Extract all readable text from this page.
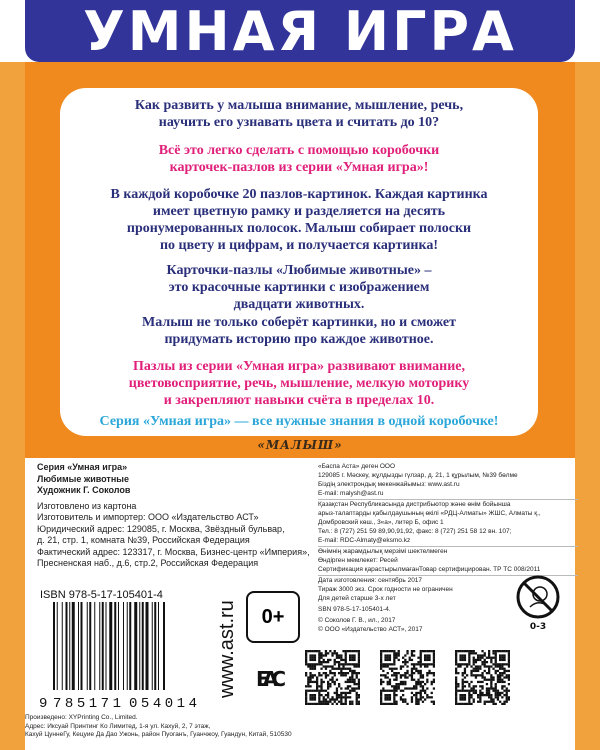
УМНАЯ ИГРА
Как развить у малыша внимание, мышление, речь,
научить его узнавать цвета и считать до 10?
Всё это легко сделать с помощью коробочки
карточек-пазлов из серии «Умная игра»!
В каждой коробочке 20 пазлов-картинок. Каждая картинка
имеет цветную рамку и разделяется на десять
пронумерованных полосок. Малыш собирает полоски
по цвету и цифрам, и получается картинка!
Карточки-пазлы «Любимые животные» –
это красочные картинки с изображением
двадцати животных.
Малыш не только соберёт картинки, но и сможет
придумать историю про каждое животное.
Пазлы из серии «Умная игра» развивают внимание,
цветовосприятие, речь, мышление, мелкую моторику
и закрепляют навыки счёта в пределах 10.
Серия «Умная игра» — все нужные знания в одной коробочке!
«МАЛЫШ»
Серия «Умная игра»
Любимые животные
Художник Г. Соколов
Изготовлено из картона
Изготовитель и импортер: ООО «Издательство АСТ»
Юридический адрес: 129085, г. Москва, Звёздный бульвар,
д. 21, стр. 1, комната №39, Российская Федерация
Фактический адрес: 123317, г. Москва, Бизнес-центр «Империя»,
Пресненская наб., д.6, стр.2, Российская Федерация
«Баспа Аста» деген ООО
129085 г. Мәскеу, жұлдызды гүлзар, д. 21, 1 құрылым, №39 бөлме
Біздің электрондық мекенжайымыз: www.ast.ru
E-mail: malysh@ast.ru
Қазақстан Республикасында дистрибьютор және өнім бойынша
арыз-талаптарды қабылдаушының өкілі «РДЦ-Алматы» ЖШС, Алматы қ.,
Домбровский көш., 3«а», литер Б, офис 1
Тел.: 8 (727) 251 59 89,90,91,92, факс: 8 (727) 251 58 12 вн. 107;
E-mail: RDC-Almaty@eksmo.kz
Өнімнің жарамдылық мерзімі шектелмеген
Өндірген мемлекет: Ресей
Сертификация қарастырылмағанТовар сертифицирован. ТР ТС 008/2011
Дата изготовления: сентябрь 2017
Тираж 3000 экз. Срок годности не ограничен
Для детей старше 3-х лет
SBN 978-5-17-105401-4.
© Соколов Г. В., ил., 2017
© ООО «Издательство АСТ», 2017
ISBN 978-5-17-105401-4
9 785171 054014
www.ast.ru	0+
EAC
0-3
Произведено: XYPrinting Co., Limited.
Адрес: Иксуай Принтинг Ко Лимитед, 1-я ул. Кахуй, 2, 7 этаж,
Кахуй ЦуннеГу, Кецуие Да Дао Ужонь, район Пуоганъ, Гуанчжоу, Гуандун, Китай, 510530
